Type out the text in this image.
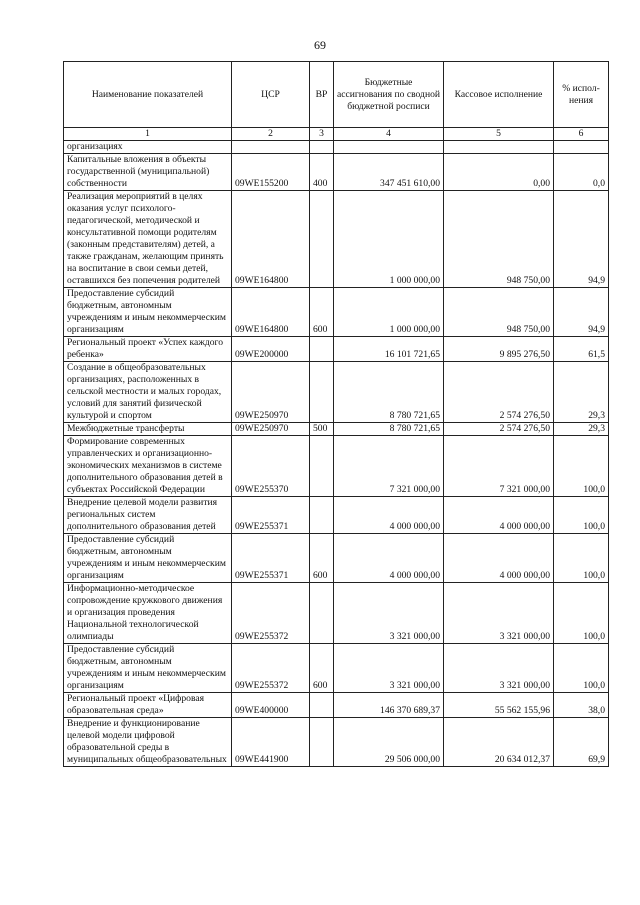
69
Наименование показателей	ЦСР	ВР	Бюджетные ассигнования по сводной бюджетной росписи	Кассовое исполнение	% испол-нения
1	2	3	4	5	6
организациях					
Капитальные вложения в объекты государственной (муниципальной) собственности	09WE155200	400	347 451 610,00	0,00	0,0
Реализация мероприятий в целях оказания услуг психолого-педагогической, методической и консультативной помощи родителям (законным представителям) детей, а также гражданам, желающим принять на воспитание в свои семьи детей, оставшихся без попечения родителей	09WE164800		1 000 000,00	948 750,00	94,9
Предоставление субсидий бюджетным, автономным учреждениям и иным некоммерческим организациям	09WE164800	600	1 000 000,00	948 750,00	94,9
Региональный проект «Успех каждого ребенка»	09WE200000		16 101 721,65	9 895 276,50	61,5
Создание в общеобразовательных организациях, расположенных в сельской местности и малых городах, условий для занятий физической культурой и спортом	09WE250970		8 780 721,65	2 574 276,50	29,3
Межбюджетные трансферты	09WE250970	500	8 780 721,65	2 574 276,50	29,3
Формирование современных управленческих и организационно-экономических механизмов в системе дополнительного образования детей в субъектах Российской Федерации	09WE255370		7 321 000,00	7 321 000,00	100,0
Внедрение целевой модели развития региональных систем дополнительного образования детей	09WE255371		4 000 000,00	4 000 000,00	100,0
Предоставление субсидий бюджетным, автономным учреждениям и иным некоммерческим организациям	09WE255371	600	4 000 000,00	4 000 000,00	100,0
Информационно-методическое сопровождение кружкового движения и организация проведения Национальной технологической олимпиады	09WE255372		3 321 000,00	3 321 000,00	100,0
Предоставление субсидий бюджетным, автономным учреждениям и иным некоммерческим организациям	09WE255372	600	3 321 000,00	3 321 000,00	100,0
Региональный проект «Цифровая образовательная среда»	09WE400000		146 370 689,37	55 562 155,96	38,0
Внедрение и функционирование целевой модели цифровой образовательной среды в муниципальных общеобразовательных	09WE441900		29 506 000,00	20 634 012,37	69,9
